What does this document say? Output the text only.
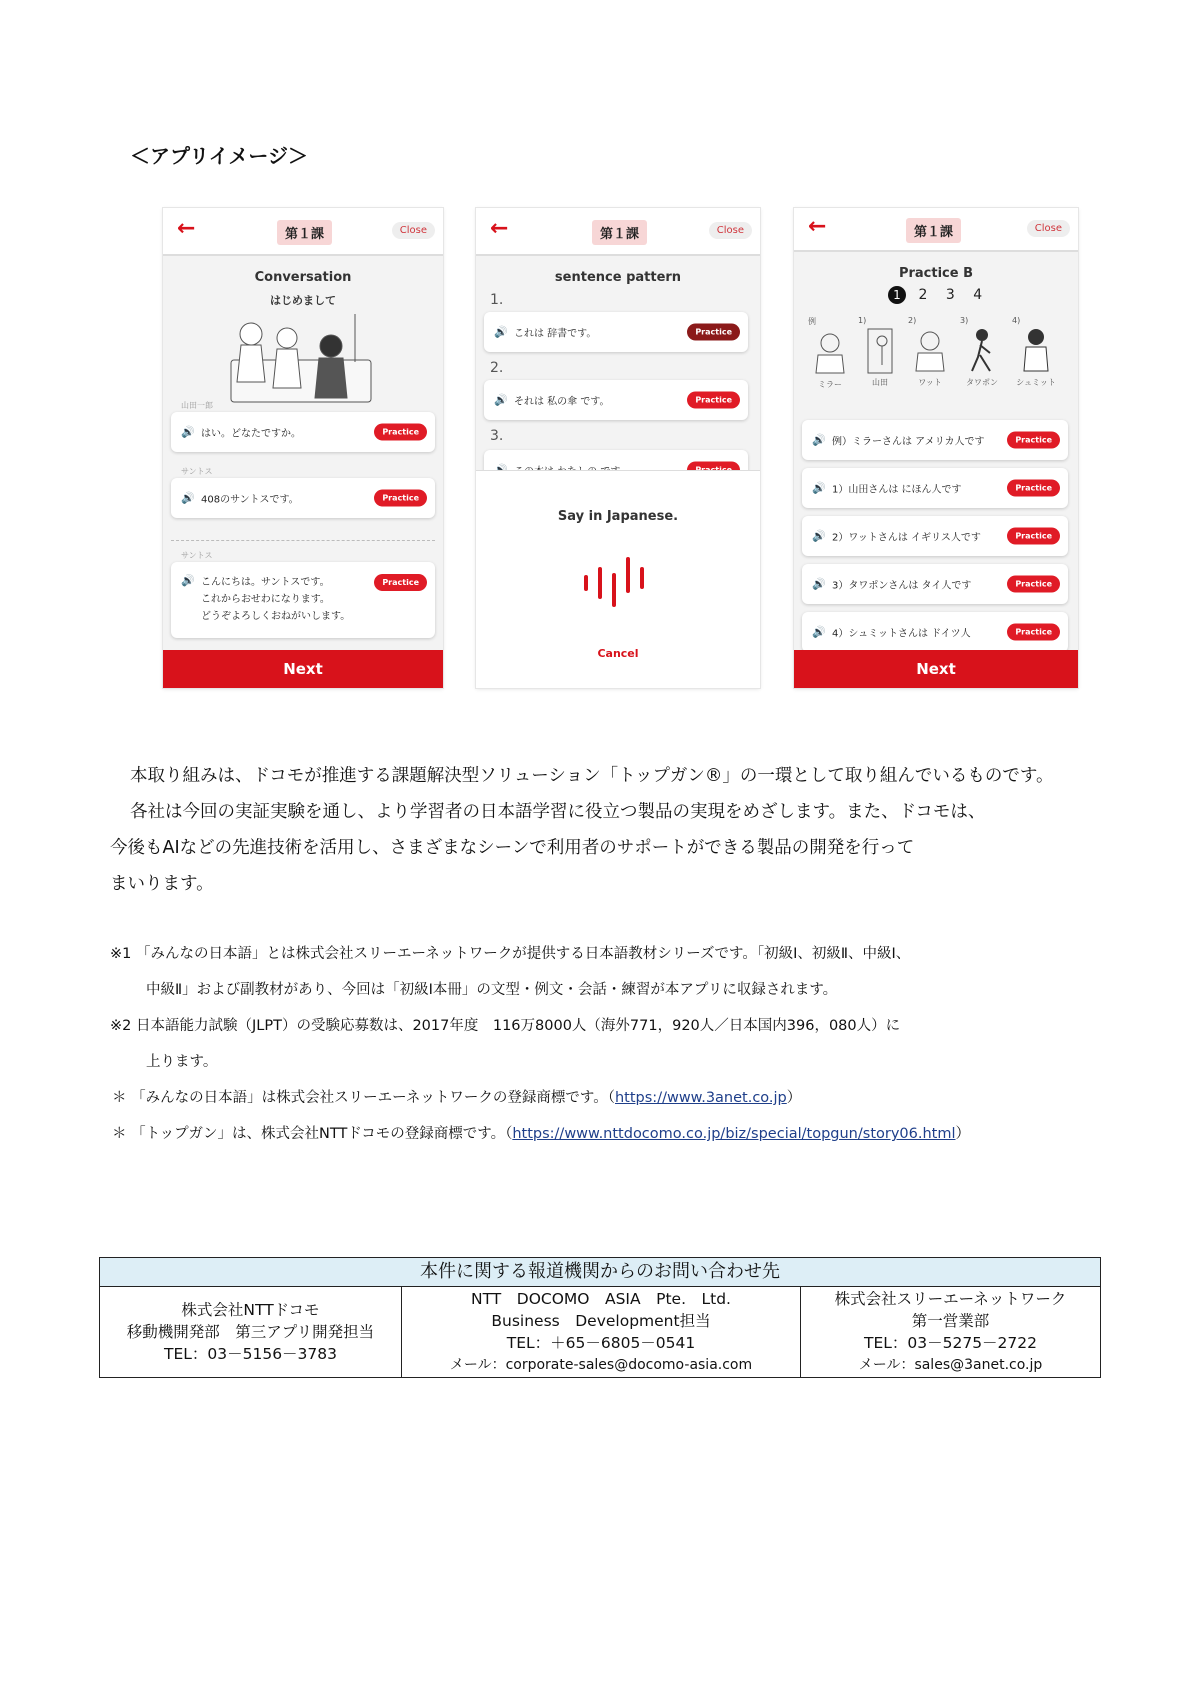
＜アプリイメージ＞
←	第１課	Close
Conversation
はじめまして
山田一郎
🔊 はい。どなたですか。	Practice
サントス
🔊 408のサントスです。	Practice
サントス
🔊 こんにちは。サントスです。
これからおせわになります。
どうぞよろしくおねがいします。
Practice
Next
←	第１課	Close
sentence pattern
1.
🔊 これは 辞書です。	Practice
2.
🔊 それは 私の傘 です。	Practice
3.
Say in Japanese.
Cancel
←	第１課	Close
Practice B
1 2 3 4
例
ミラー
1)
山田
2)
ワット
3)
タワポン
4)
シュミット
🔊 例）ミラーさんは アメリカ人です	Practice
🔊 1）山田さんは にほん人です	Practice
🔊 2）ワットさんは イギリス人です	Practice
🔊 3）タワポンさんは タイ人です	Practice
🔊 4）シュミットさんは ドイツ人	Practice
Next
本取り組みは、ドコモが推進する課題解決型ソリューション「トップガン®」の一環として取り組んでいるものです。
各社は今回の実証実験を通し、より学習者の日本語学習に役立つ製品の実現をめざします。また、ドコモは、
今後もAIなどの先進技術を活用し、さまざまなシーンで利用者のサポートができる製品の開発を行って
まいります。
※1 「みんなの日本語」とは株式会社スリーエーネットワークが提供する日本語教材シリーズです。「初級Ⅰ、初級Ⅱ、中級Ⅰ、
中級Ⅱ」および副教材があり、今回は「初級Ⅰ本冊」の文型・例文・会話・練習が本アプリに収録されます。
※2 日本語能力試験（JLPT）の受験応募数は、2017年度　116万8000人（海外771，920人／日本国内396，080人）に
上ります。
＊ 「みんなの日本語」は株式会社スリーエーネットワークの登録商標です。（https://www.3anet.co.jp）
＊ 「トップガン」は、株式会社NTTドコモの登録商標です。（https://www.nttdocomo.co.jp/biz/special/topgun/story06.html）
本件に関する報道機関からのお問い合わせ先

株式会社NTTドコモ
移動機開発部　第三アプリ開発担当
TEL：03－5156－3783

NTT　DOCOMO　ASIA　Pte.　Ltd.
Business　Development担当
TEL：＋65－6805－0541
メール：corporate-sales@docomo-asia.com

株式会社スリーエーネットワーク
第一営業部
TEL：03－5275－2722
メール：sales@3anet.co.jp
